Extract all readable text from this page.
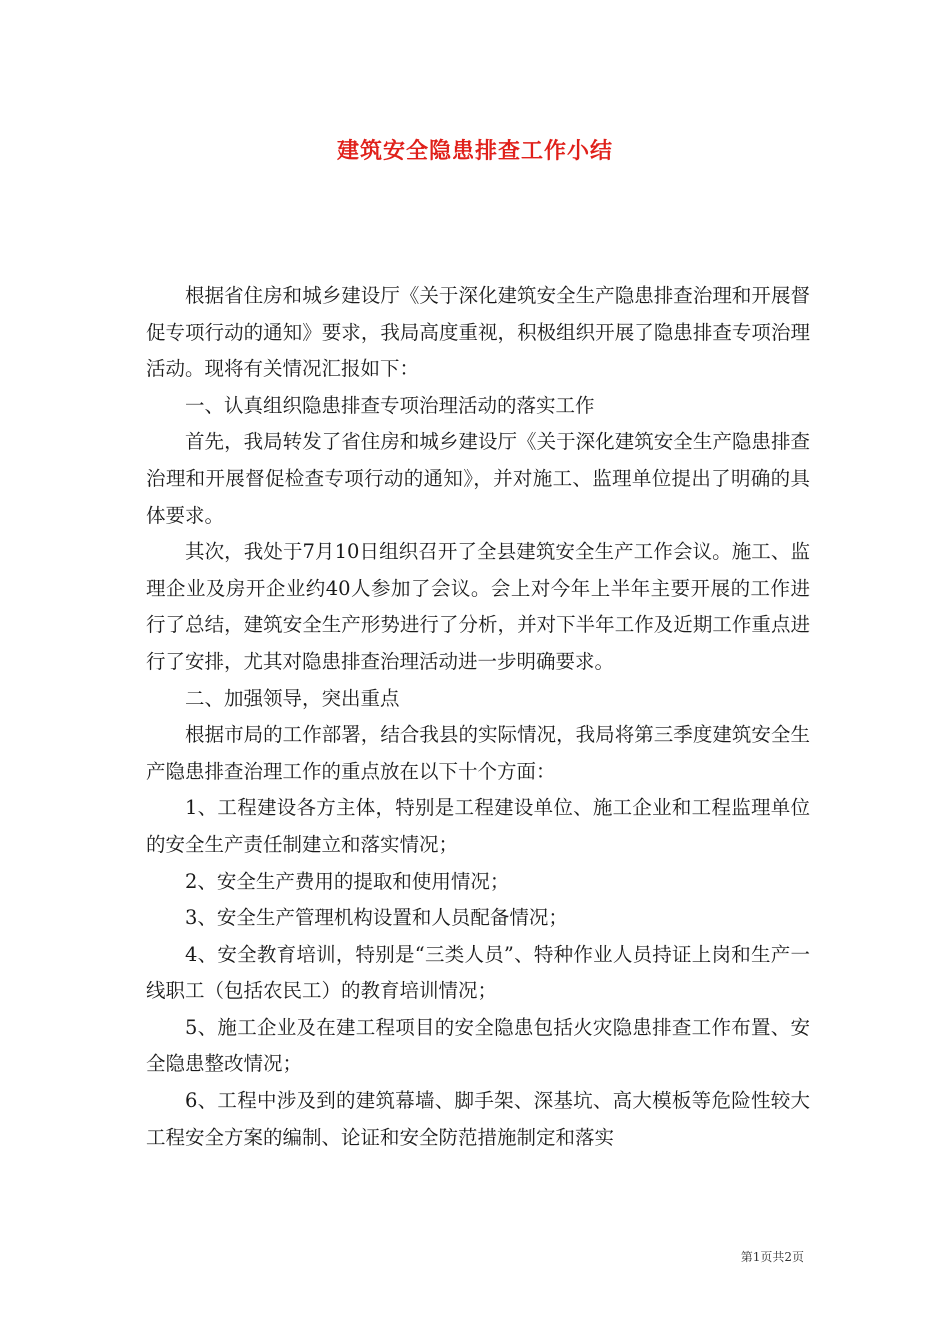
建筑安全隐患排查工作小结

根据省住房和城乡建设厅《关于深化建筑安全生产隐患排查治理和开展督促专项行动的通知》要求，我局高度重视，积极组织开展了隐患排查专项治理活动。现将有关情况汇报如下：

一、认真组织隐患排查专项治理活动的落实工作

首先，我局转发了省住房和城乡建设厅《关于深化建筑安全生产隐患排查治理和开展督促检查专项行动的通知》，并对施工、监理单位提出了明确的具体要求。

其次，我处于7月10日组织召开了全县建筑安全生产工作会议。施工、监理企业及房开企业约40人参加了会议。会上对今年上半年主要开展的工作进行了总结，建筑安全生产形势进行了分析，并对下半年工作及近期工作重点进行了安排，尤其对隐患排查治理活动进一步明确要求。

二、加强领导，突出重点

根据市局的工作部署，结合我县的实际情况，我局将第三季度建筑安全生产隐患排查治理工作的重点放在以下十个方面：

1、工程建设各方主体，特别是工程建设单位、施工企业和工程监理单位的安全生产责任制建立和落实情况；

2、安全生产费用的提取和使用情况；

3、安全生产管理机构设置和人员配备情况；

4、安全教育培训，特别是“三类人员”、特种作业人员持证上岗和生产一线职工（包括农民工）的教育培训情况；

5、施工企业及在建工程项目的安全隐患包括火灾隐患排查工作布置、安全隐患整改情况；

6、工程中涉及到的建筑幕墙、脚手架、深基坑、高大模板等危险性较大工程安全方案的编制、论证和安全防范措施制定和落实

第1页共2页
